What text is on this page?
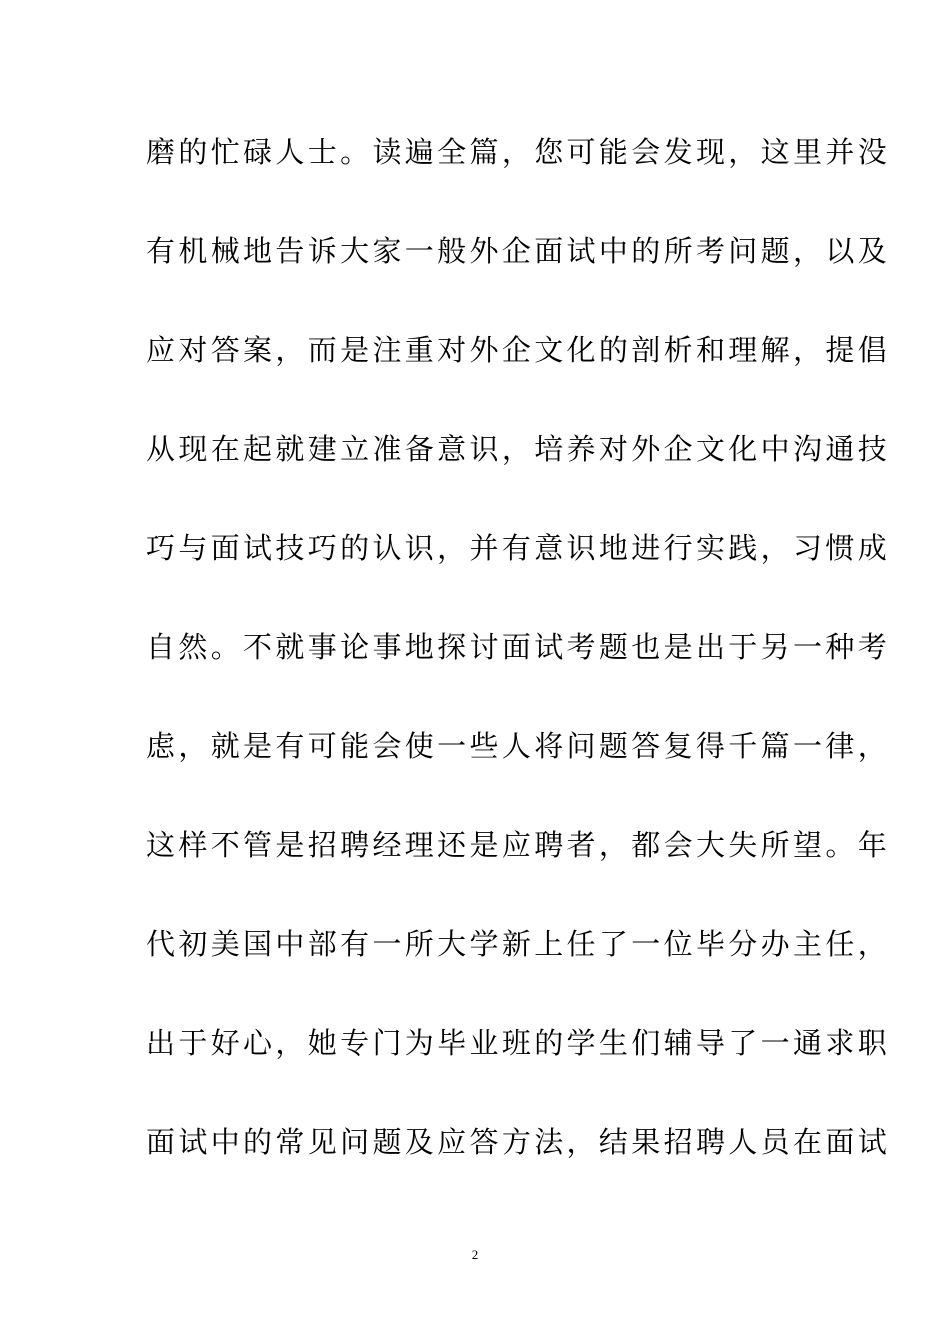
磨的忙碌人士。读遍全篇，您可能会发现，这里并没
有机械地告诉大家一般外企面试中的所考问题，以及
应对答案，而是注重对外企文化的剖析和理解，提倡
从现在起就建立准备意识，培养对外企文化中沟通技
巧与面试技巧的认识，并有意识地进行实践，习惯成
自然。不就事论事地探讨面试考题也是出于另一种考
虑，就是有可能会使一些人将问题答复得千篇一律，
这样不管是招聘经理还是应聘者，都会大失所望。年
代初美国中部有一所大学新上任了一位毕分办主任，
出于好心，她专门为毕业班的学生们辅导了一通求职
面试中的常见问题及应答方法，结果招聘人员在面试
2
